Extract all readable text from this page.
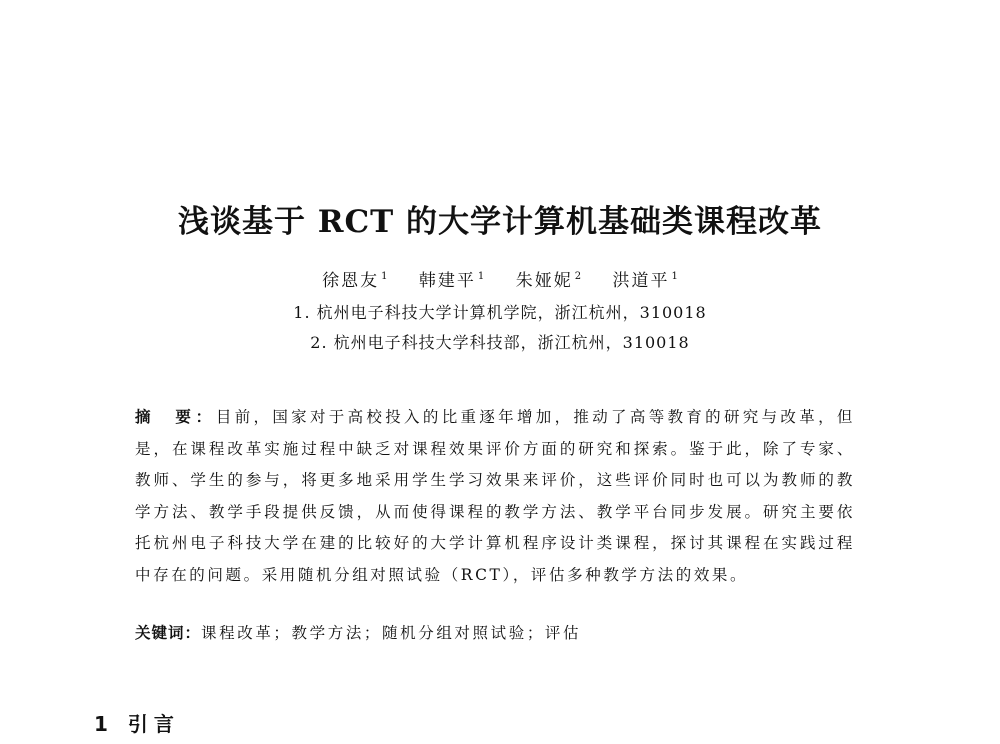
浅谈基于 RCT 的大学计算机基础类课程改革
徐恩友 $^1$ 韩建平 $^1$ 朱娅妮 $^2$ 洪道平 $^1$
1. 杭州电子科技大学计算机学院，浙江杭州，310018
2. 杭州电子科技大学科技部，浙江杭州，310018
摘　要：目前，国家对于高校投入的比重逐年增加，推动了高等教育的研究与改革，但是，在课程改革实施过程中缺乏对课程效果评价方面的研究和探索。鉴于此，除了专家、教师、学生的参与，将更多地采用学生学习效果来评价，这些评价同时也可以为教师的教学方法、教学手段提供反馈，从而使得课程的教学方法、教学平台同步发展。研究主要依托杭州电子科技大学在建的比较好的大学计算机程序设计类课程，探讨其课程在实践过程中存在的问题。采用随机分组对照试验（RCT），评估多种教学方法的效果。
关键词：课程改革；教学方法；随机分组对照试验；评估
1 引言
